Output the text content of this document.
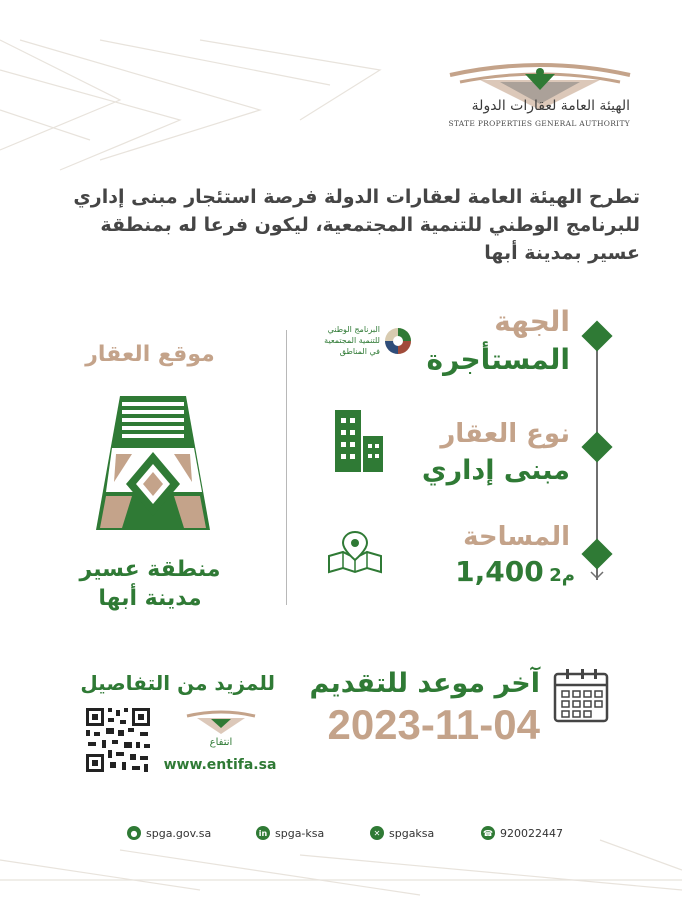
الهيئة العامة لعقارات الدولة
STATE PROPERTIES GENERAL AUTHORITY
تطرح الهيئة العامة لعقارات الدولة فرصة استئجار مبنى إداري للبرنامج الوطني للتنمية المجتمعية، ليكون فرعا له بمنطقة عسير بمدينة أبها
الجهة
المستأجرة
البرنامج الوطني
للتنمية المجتمعية
في المناطق
نوع العقار
مبنى إداري
المساحة
م2 1,400
موقع العقار
منطقة عسير
مدينة أبها
آخر موعد للتقديم
2023-11-04
للمزيد من التفاصيل
انتفاع
www.entifa.sa
● spga.gov.sa	in spga-ksa	✕ spgaksa	☎ 920022447
